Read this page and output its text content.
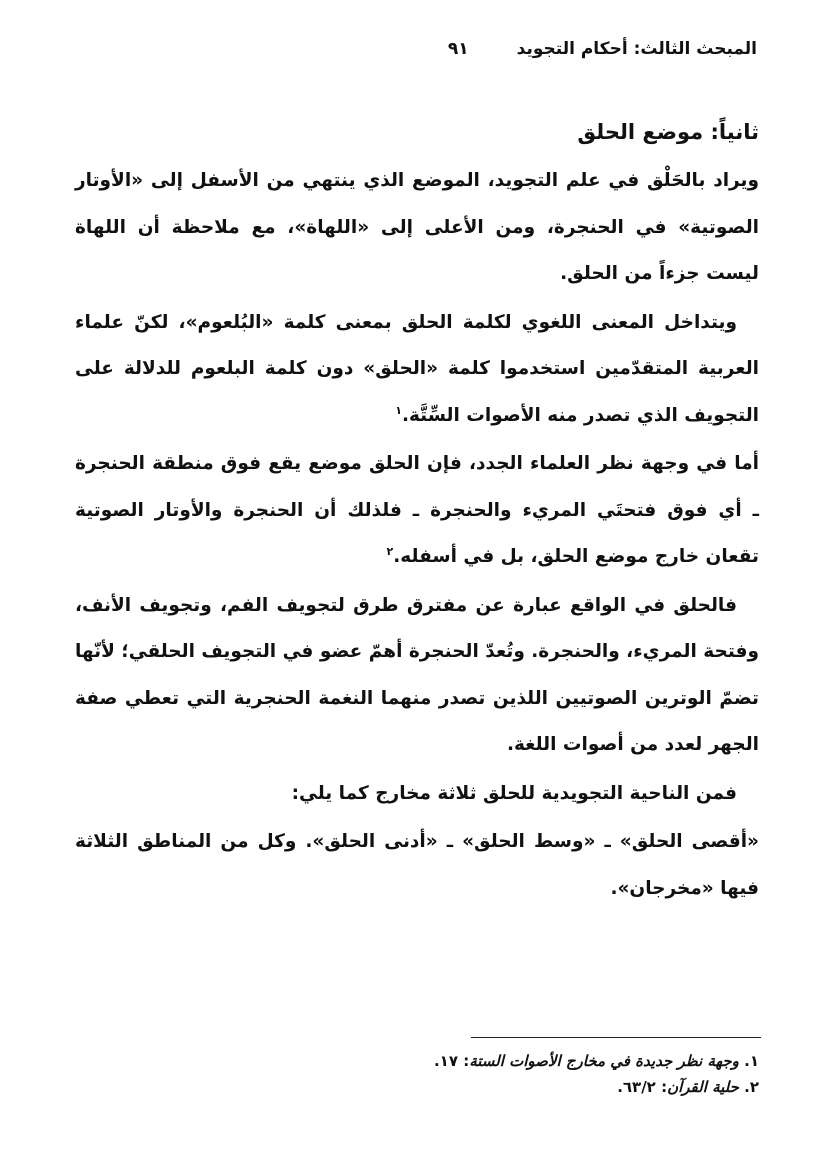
المبحث الثالث: أحكام التجويد
٩١
ثانياً: موضع الحلق

ويراد بالحَلْق في علم التجويد، الموضع الذي ينتهي من الأسفل إلى «الأوتار الصوتية» في الحنجرة، ومن الأعلى إلى «اللهاة»، مع ملاحظة أن اللهاة ليست جزءاً من الحلق.

ويتداخل المعنى اللغوي لكلمة الحلق بمعنى كلمة «البُلعوم»، لكنّ علماء العربية المتقدّمين استخدموا كلمة «الحلق» دون كلمة البلعوم للدلالة على التجويف الذي تصدر منه الأصوات السِّتَّة.$^١$

أما في وجهة نظر العلماء الجدد، فإن الحلق موضع يقع فوق منطقة الحنجرة ـ أي فوق فتحتَي المريء والحنجرة ـ فلذلك أن الحنجرة والأوتار الصوتية تقعان خارج موضع الحلق، بل في أسفله.$^٢$

فالحلق في الواقع عبارة عن مفترق طرق لتجويف الفم، وتجويف الأنف، وفتحة المريء، والحنجرة. وتُعدّ الحنجرة أهمّ عضو في التجويف الحلقي؛ لأنّها تضمّ الوترين الصوتيين اللذين تصدر منهما النغمة الحنجرية التي تعطي صفة الجهر لعدد من أصوات اللغة.

فمن الناحية التجويدية للحلق ثلاثة مخارج كما يلي:

«أقصى الحلق» ـ «وسط الحلق» ـ «أدنى الحلق». وكل من المناطق الثلاثة فيها «مخرجان».

١. وجهة نظر جديدة في مخارج الأصوات الستة: ١٧.
٢. حلية القرآن: ٦٣/٢.
